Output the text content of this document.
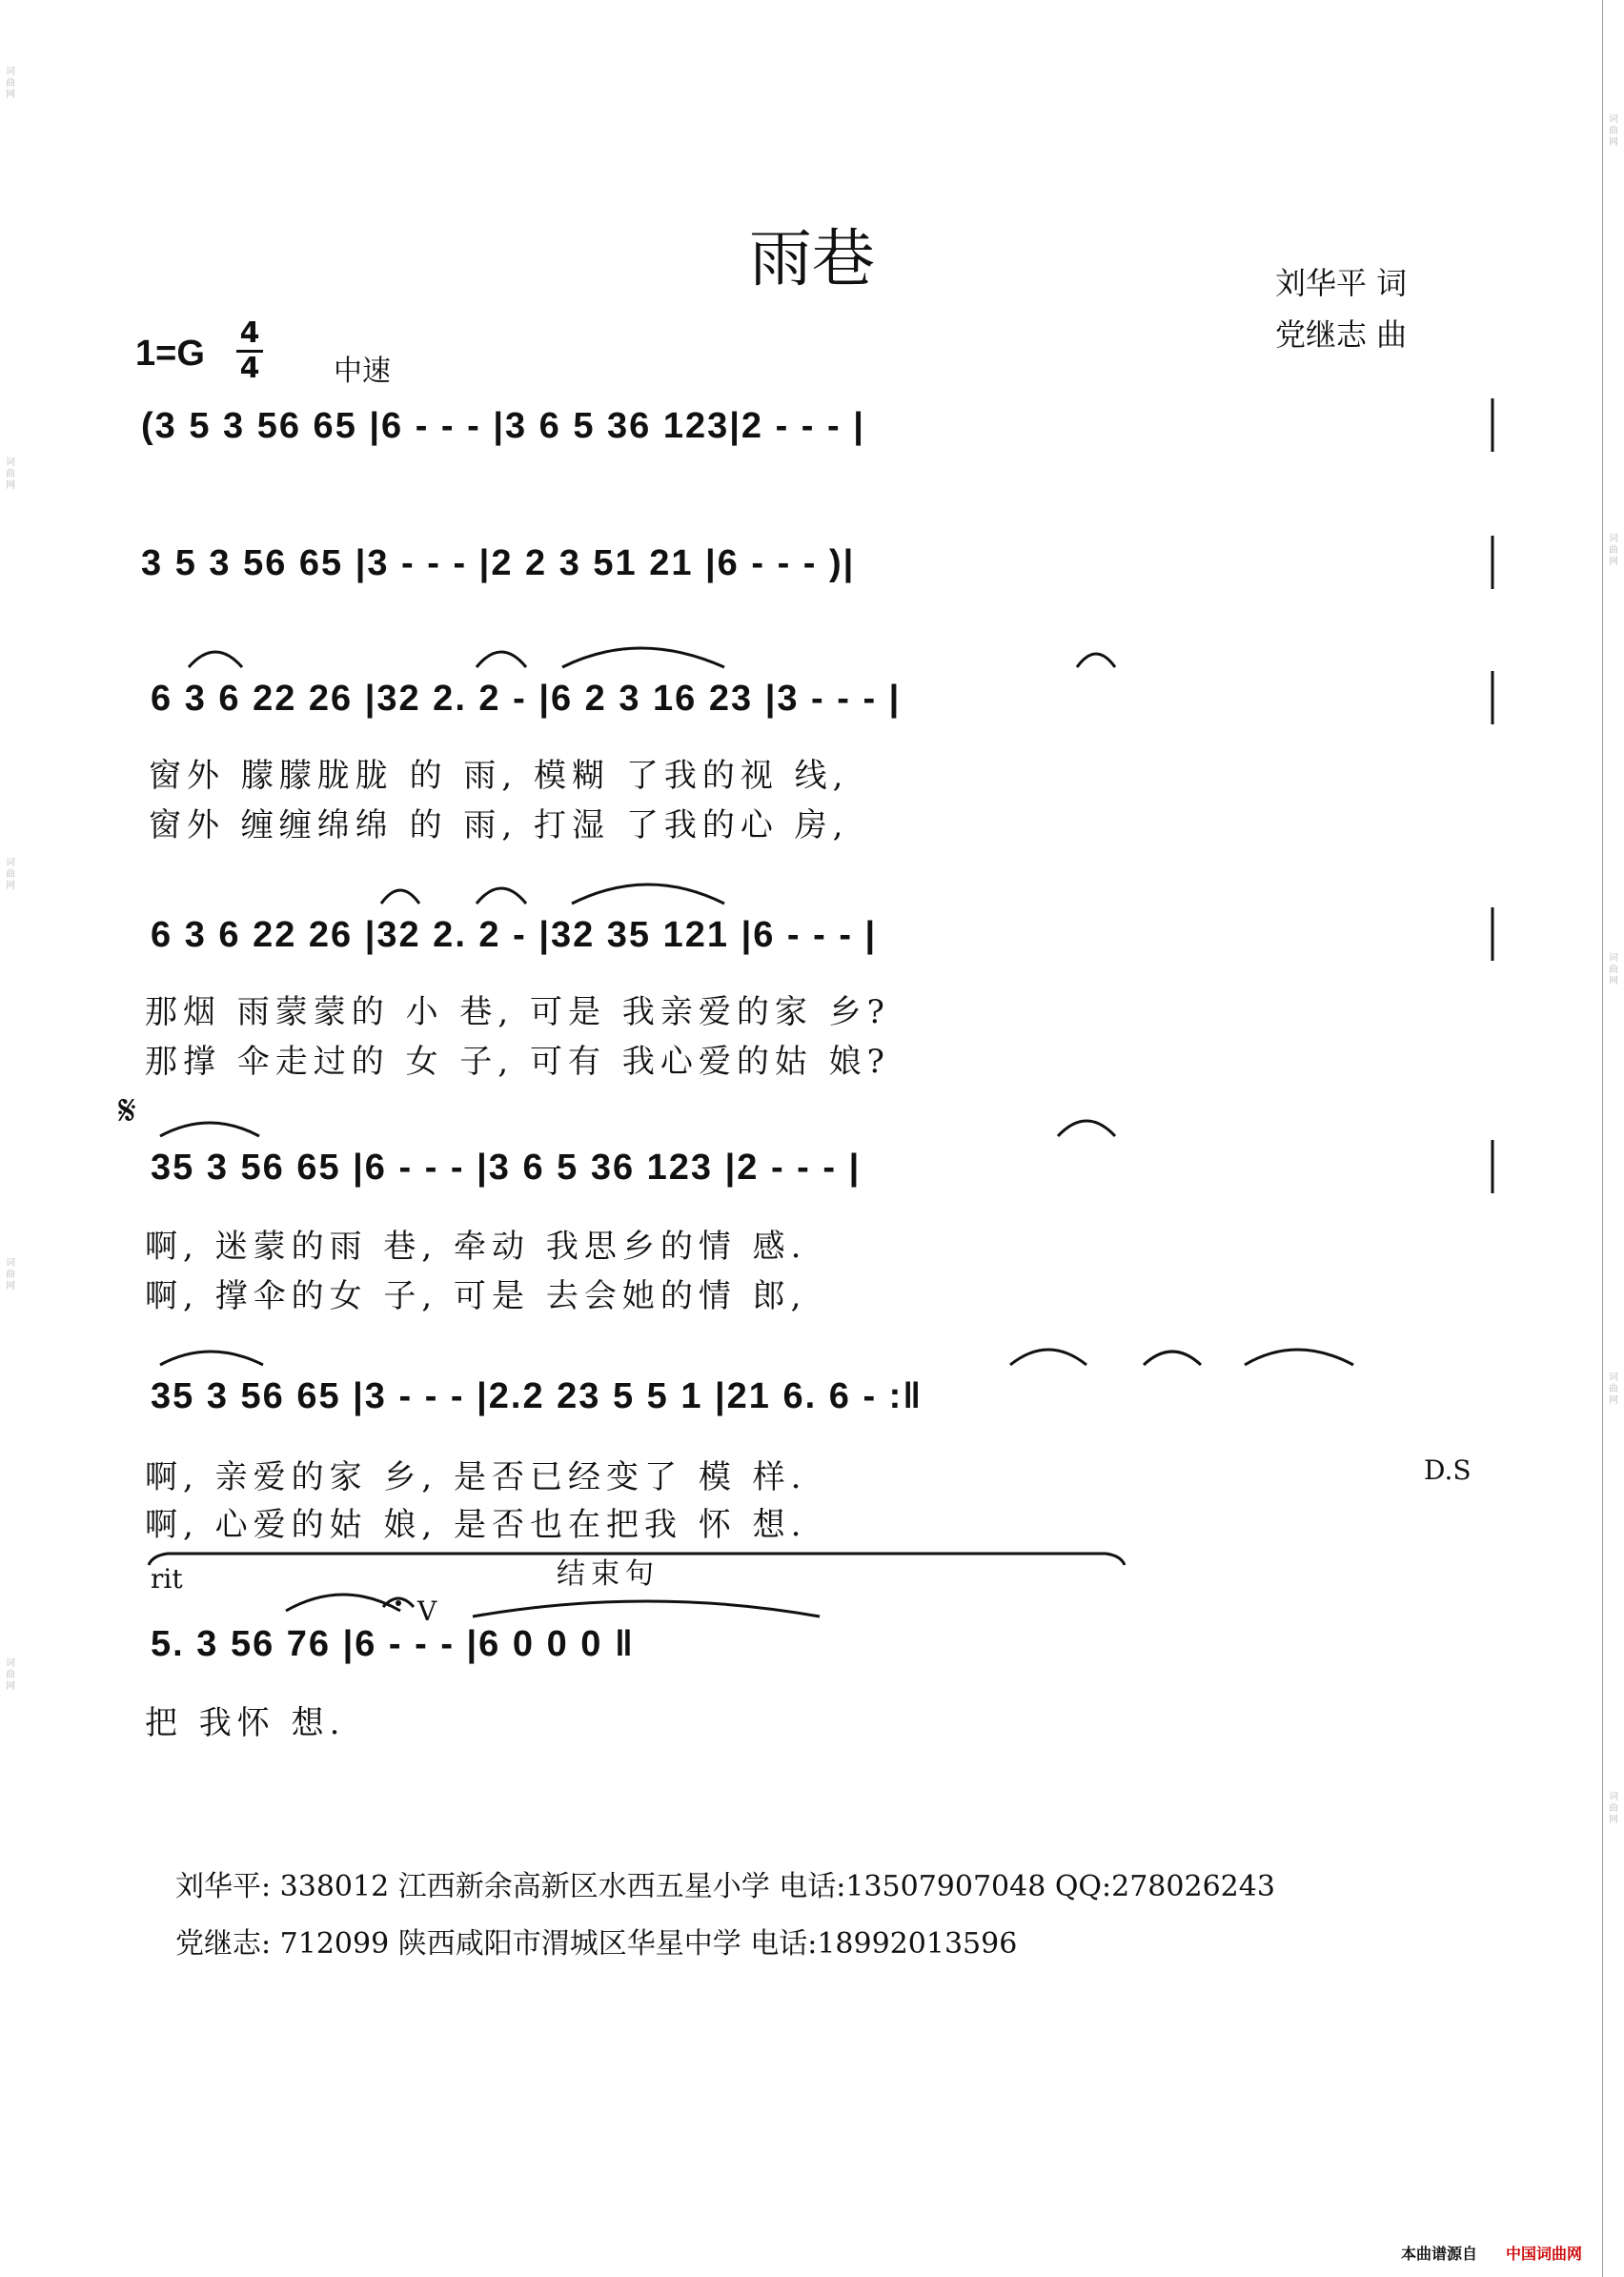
雨巷	刘华平 词
党继志 曲
1=G
4
4	中速
(3 5 3 56 65 |6 - - - |3 6 5 36 123|2 - - - |
3 5 3 56 65 |3 - - - |2 2 3 51 21 |6 - - - )|
6 3 6 22 26 |32 2. 2 - |6 2 3 16 23 |3 - - - |
窗外 朦朦胧胧 的 雨, 模糊 了我的视 线,
窗外 缠缠绵绵 的 雨, 打湿 了我的心 房,
6 3 6 22 26 |32 2. 2 - |32 35 121 |6 - - - |
那烟 雨蒙蒙的 小 巷, 可是 我亲爱的家 乡?
那撑 伞走过的 女 子, 可有 我心爱的姑 娘?
𝄋
35 3 56 65 |6 - - - |3 6 5 36 123 |2 - - - |
啊, 迷蒙的雨 巷, 牵动 我思乡的情 感.
啊, 撑伞的女 子, 可是 去会她的情 郎,
35 3 56 65 |3 - - - |2.2 23 5 5 1 |21 6. 6 - :‖
啊, 亲爱的家 乡, 是否已经变了 模 样.
啊, 心爱的姑 娘, 是否也在把我 怀 想.
D.S
rit	结束句
V
5. 3 56 76 |6 - - - |6 0 0 0 ‖
把 我怀 想.
刘华平: 338012 江西新余高新区水西五星小学 电话:13507907048 QQ:278026243
党继志: 712099 陕西咸阳市渭城区华星中学 电话:18992013596
本曲谱源自 中国词曲网
词曲网
词曲网
词曲网
词曲网
词曲网
词曲网
词曲网
词曲网
词曲网
词曲网
